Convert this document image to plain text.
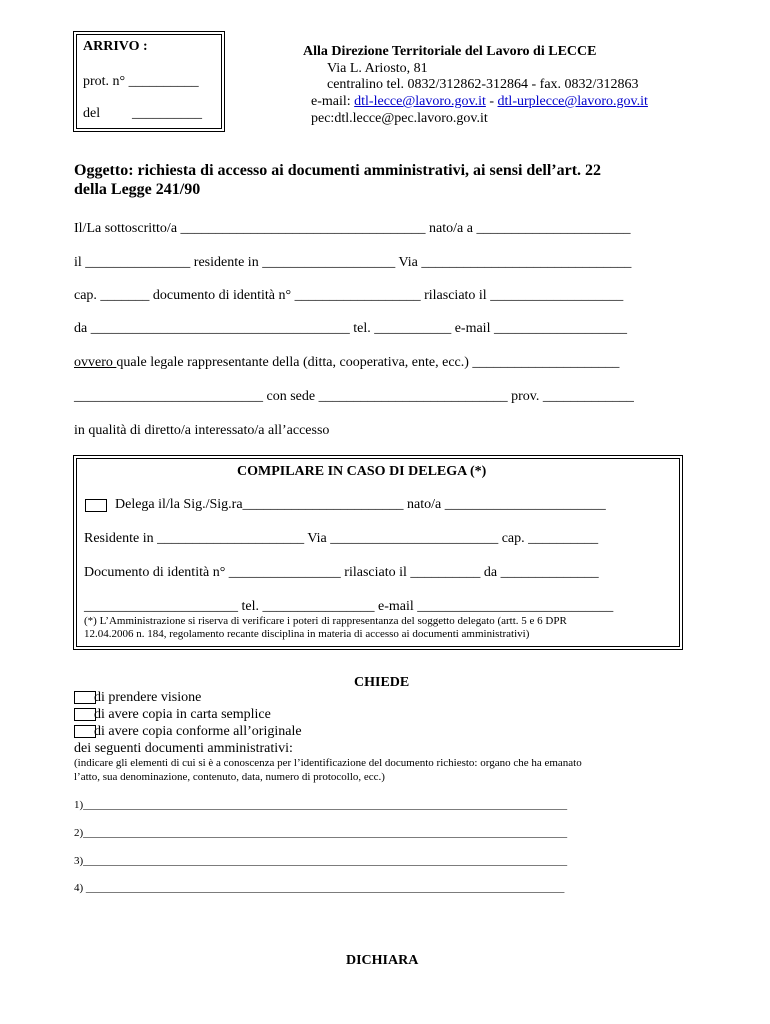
ARRIVO :
prot. n° __________
del __________
Alla Direzione Territoriale del Lavoro di LECCE
Via L. Ariosto, 81
centralino tel. 0832/312862-312864 - fax. 0832/312863
e-mail: dtl-lecce@lavoro.gov.it - dtl-urplecce@lavoro.gov.it
pec:dtl.lecce@pec.lavoro.gov.it
Oggetto: richiesta di accesso ai documenti amministrativi, ai sensi dell’art. 22
della Legge 241/90
Il/La sottoscritto/a ___________________________________ nato/a a ______________________
il _______________ residente in ___________________ Via ______________________________
cap. _______ documento di identità n° __________________ rilasciato il ___________________
da _____________________________________ tel. ___________ e-mail ___________________
ovvero quale legale rappresentante della (ditta, cooperativa, ente, ecc.) _____________________
___________________________ con sede ___________________________ prov. _____________
in qualità di diretto/a interessato/a all’accesso
COMPILARE IN CASO DI DELEGA (*)
Delega il/la Sig./Sig.ra_______________________ nato/a _______________________
Residente in _____________________ Via ________________________ cap. __________
Documento di identità n° ________________ rilasciato il __________ da ______________
______________________ tel. ________________ e-mail ____________________________
(*) L’Amministrazione si riserva di verificare i poteri di rappresentanza del soggetto delegato (artt. 5 e 6 DPR
12.04.2006 n. 184, regolamento recante disciplina in materia di accesso ai documenti amministrativi)
CHIEDE
di prendere visione
di avere copia in carta semplice
di avere copia conforme all’originale
dei seguenti documenti amministrativi:
(indicare gli elementi di cui si è a conoscenza per l’identificazione del documento richiesto: organo che ha emanato
l’atto, sua denominazione, contenuto, data, numero di protocollo, ecc.)
1)________________________________________________________________________________________
2)________________________________________________________________________________________
3)________________________________________________________________________________________
4) _______________________________________________________________________________________
DICHIARA
